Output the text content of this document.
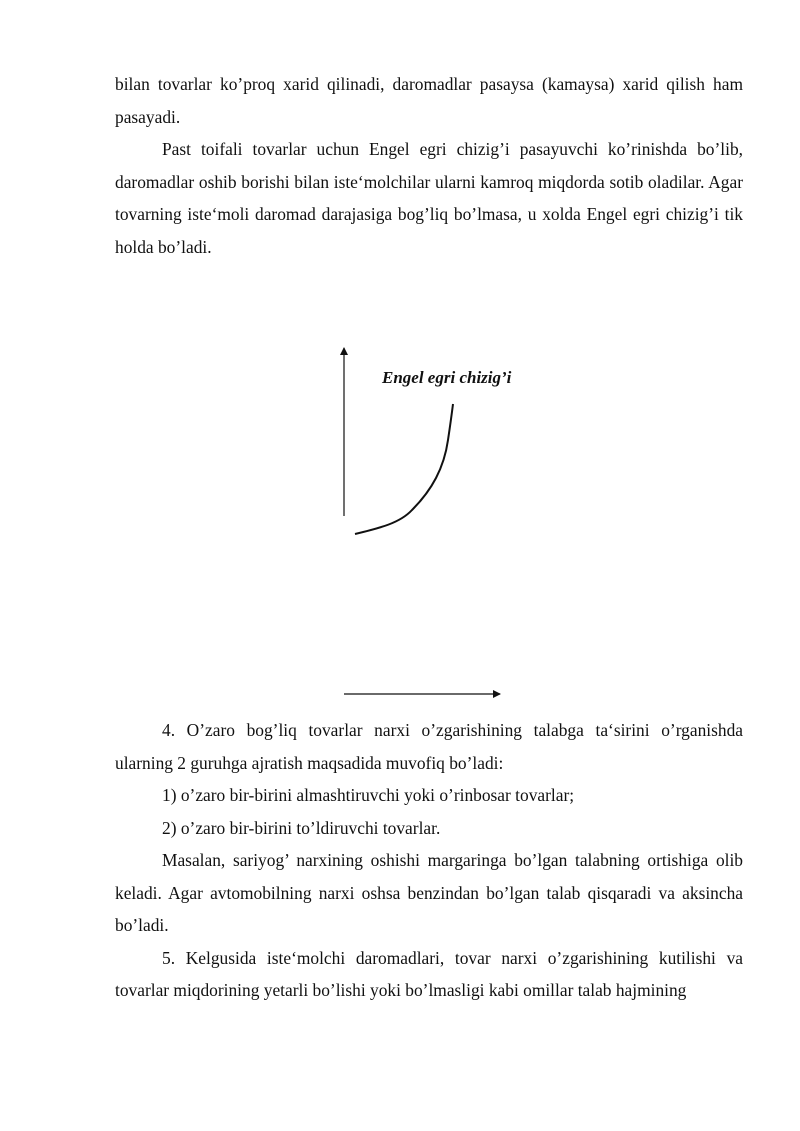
bilan tovarlar ko’proq xarid qilinadi, daromadlar pasaysa (kamaysa) xarid qilish ham pasayadi.

Past toifali tovarlar uchun Engel egri chizig’i pasayuvchi ko’rinishda bo’lib, daromadlar oshib borishi bilan iste‘molchilar ularni kamroq miqdorda sotib oladilar. Agar tovarning iste‘moli daromad darajasiga bog’liq bo’lmasa, u xolda Engel egri chizig’i tik holda bo’ladi.

Engel egri chizig’i

4. O’zaro bog’liq tovarlar narxi o’zgarishining talabga ta‘sirini o’rganishda ularning 2 guruhga ajratish maqsadida muvofiq bo’ladi:

1) o’zaro bir-birini almashtiruvchi yoki o’rinbosar tovarlar;

2) o’zaro bir-birini to’ldiruvchi tovarlar.

Masalan, sariyog’ narxining oshishi margaringa bo’lgan talabning ortishiga olib keladi. Agar avtomobilning narxi oshsa benzindan bo’lgan talab qisqaradi va aksincha bo’ladi.

5. Kelgusida iste‘molchi daromadlari, tovar narxi o’zgarishining kutilishi va tovarlar miqdorining yetarli bo’lishi yoki bo’lmasligi kabi omillar talab hajmining
